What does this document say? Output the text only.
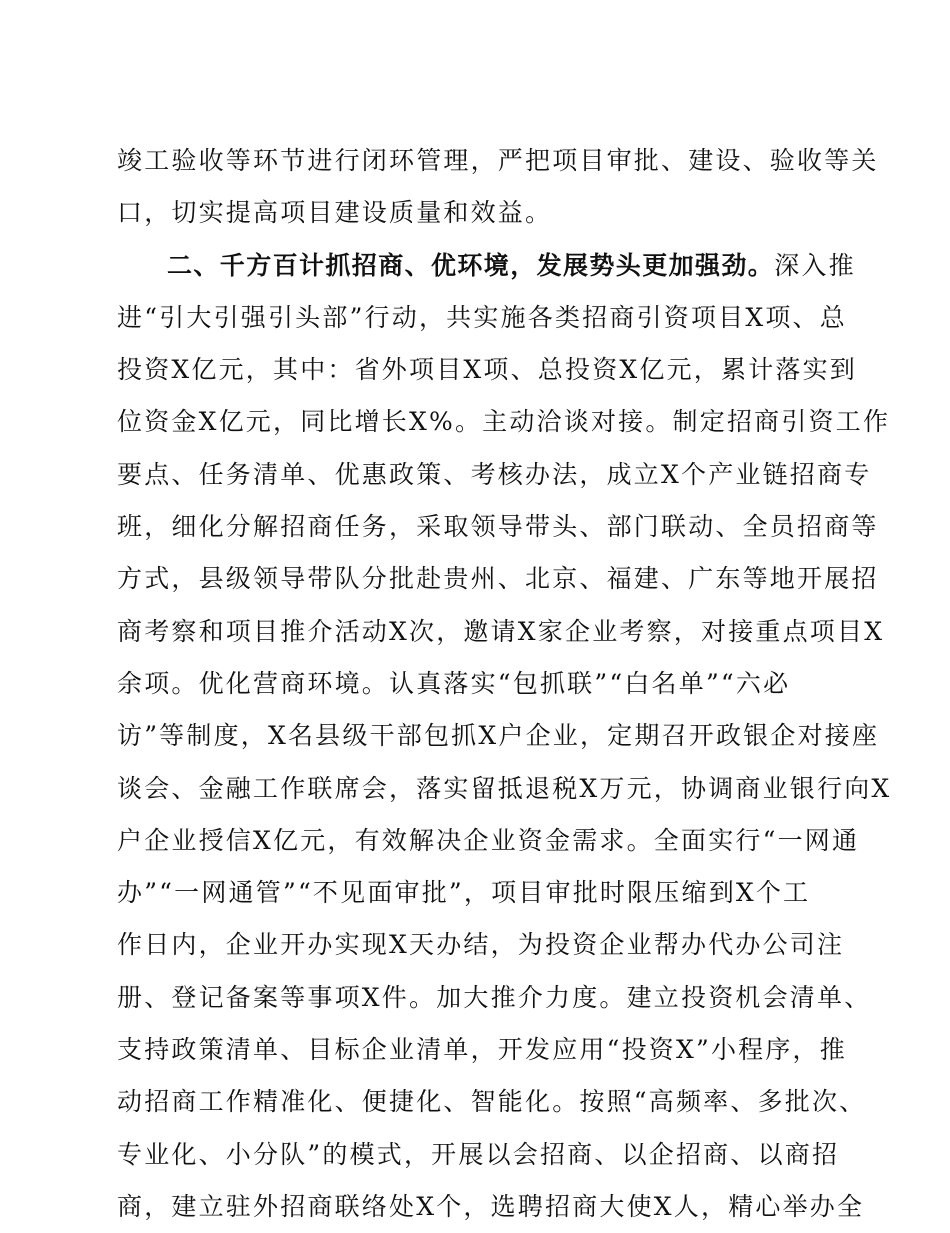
竣工验收等环节进行闭环管理，严把项目审批、建设、验收等关
口，切实提高项目建设质量和效益。
二、千方百计抓招商、优环境，发展势头更加强劲。深入推
进“引大引强引头部”行动，共实施各类招商引资项目X项、总
投资X亿元，其中：省外项目X项、总投资X亿元，累计落实到
位资金X亿元，同比增长X%。主动洽谈对接。制定招商引资工作
要点、任务清单、优惠政策、考核办法，成立X个产业链招商专
班，细化分解招商任务，采取领导带头、部门联动、全员招商等
方式，县级领导带队分批赴贵州、北京、福建、广东等地开展招
商考察和项目推介活动X次，邀请X家企业考察，对接重点项目X
余项。优化营商环境。认真落实“包抓联”“白名单”“六必
访”等制度，X名县级干部包抓X户企业，定期召开政银企对接座
谈会、金融工作联席会，落实留抵退税X万元，协调商业银行向X
户企业授信X亿元，有效解决企业资金需求。全面实行“一网通
办”“一网通管”“不见面审批”，项目审批时限压缩到X个工
作日内，企业开办实现X天办结，为投资企业帮办代办公司注
册、登记备案等事项X件。加大推介力度。建立投资机会清单、
支持政策清单、目标企业清单，开发应用“投资X”小程序，推
动招商工作精准化、便捷化、智能化。按照“高频率、多批次、
专业化、小分队”的模式，开展以会招商、以企招商、以商招
商，建立驻外招商联络处X个，选聘招商大使X人，精心举办全
